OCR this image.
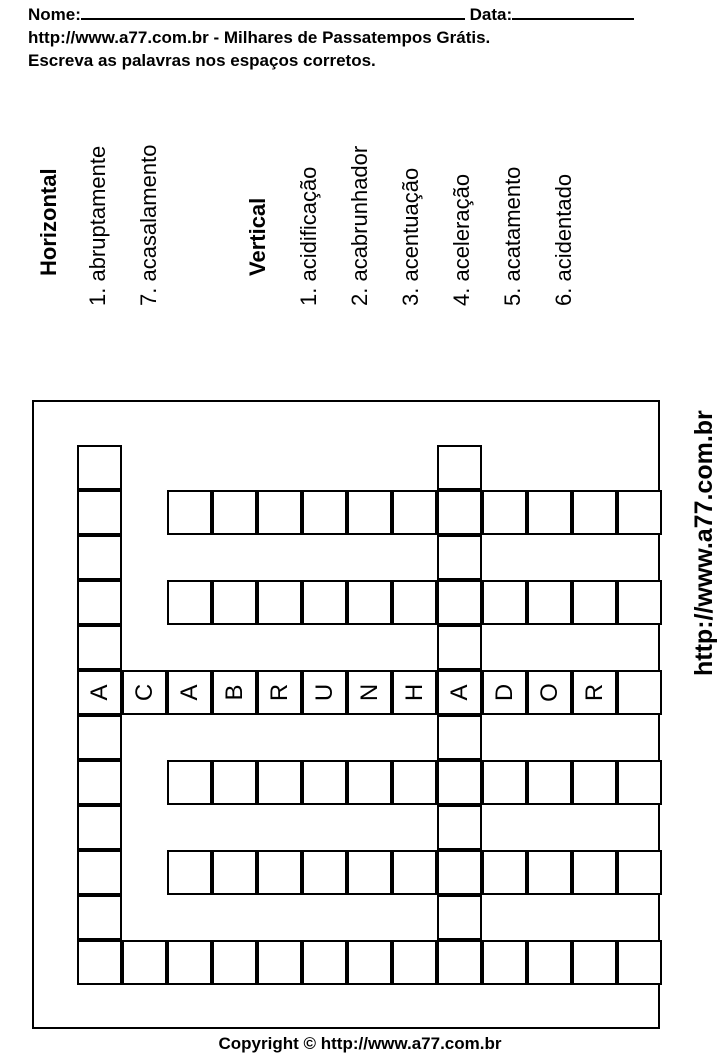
Nome:	Data:
http://www.a77.com.br - Milhares de Passatempos Grátis.
Escreva as palavras nos espaços corretos.
Horizontal 1. abruptamente 7. acasalamento	Vertical 1. acidificação 2. acabrunhador 3. acentuação 4. aceleração 5. acatamento 6. acidentado
http://www.a77.com.br
A C A B R U N H A D O R
Copyright © http://www.a77.com.br
